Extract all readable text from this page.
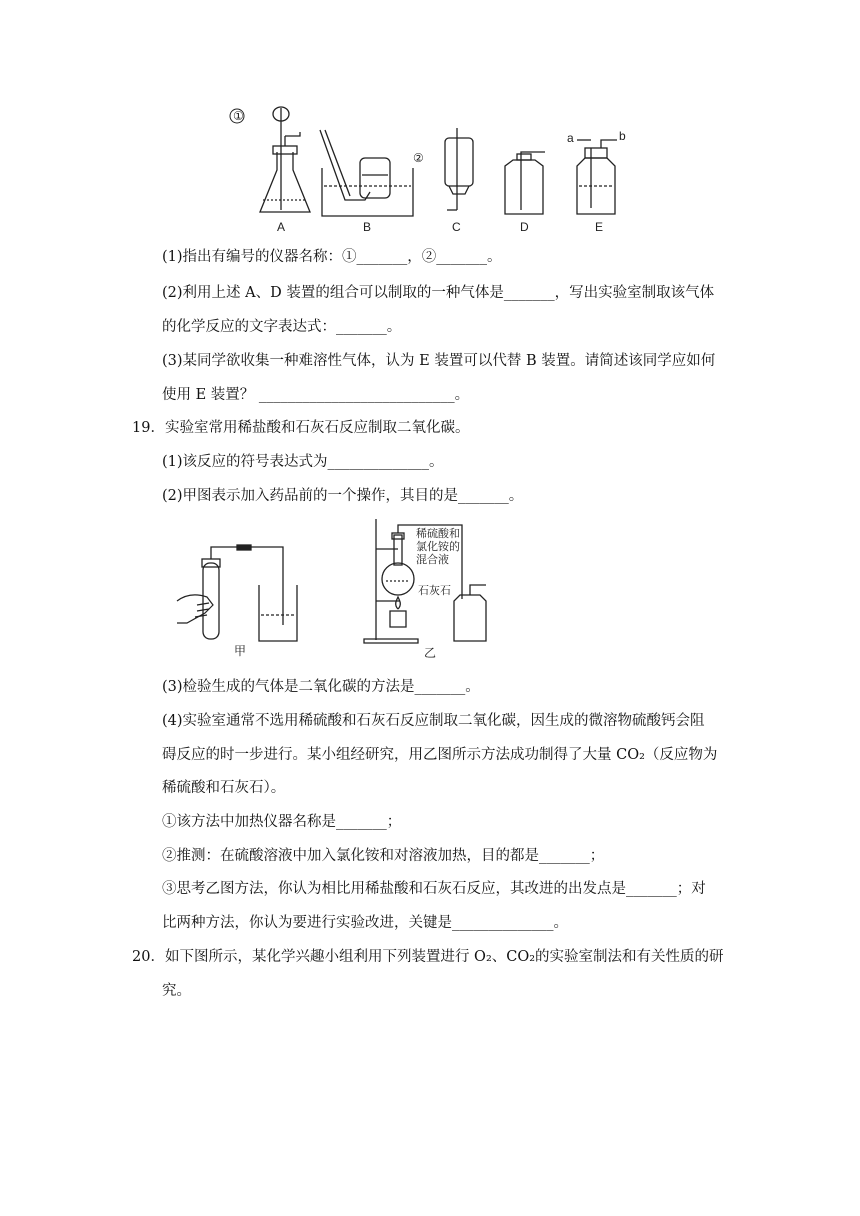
①
②
a	b
A	B	C	D	E
(1)指出有编号的仪器名称：①_______，②_______。
(2)利用上述 A、D 装置的组合可以制取的一种气体是_______，写出实验室制取该气体
的化学反应的文字表达式：_______。
(3)某同学欲收集一种难溶性气体，认为 E 装置可以代替 B 装置。请简述该同学应如何
使用 E 装置？ ___________________________。
19．实验室常用稀盐酸和石灰石反应制取二氧化碳。
(1)该反应的符号表达式为______________。
(2)甲图表示加入药品前的一个操作，其目的是_______。
甲
稀硫酸和
氯化铵的
混合液
石灰石
乙
(3)检验生成的气体是二氧化碳的方法是_______。
(4)实验室通常不选用稀硫酸和石灰石反应制取二氧化碳，因生成的微溶物硫酸钙会阻
碍反应的时一步进行。某小组经研究，用乙图所示方法成功制得了大量 CO₂（反应物为
稀硫酸和石灰石）。
①该方法中加热仪器名称是_______；
②推测：在硫酸溶液中加入氯化铵和对溶液加热，目的都是_______；
③思考乙图方法，你认为相比用稀盐酸和石灰石反应，其改进的出发点是_______；对
比两种方法，你认为要进行实验改进，关键是______________。
20．如下图所示，某化学兴趣小组利用下列装置进行 O₂、CO₂的实验室制法和有关性质的研
究。
